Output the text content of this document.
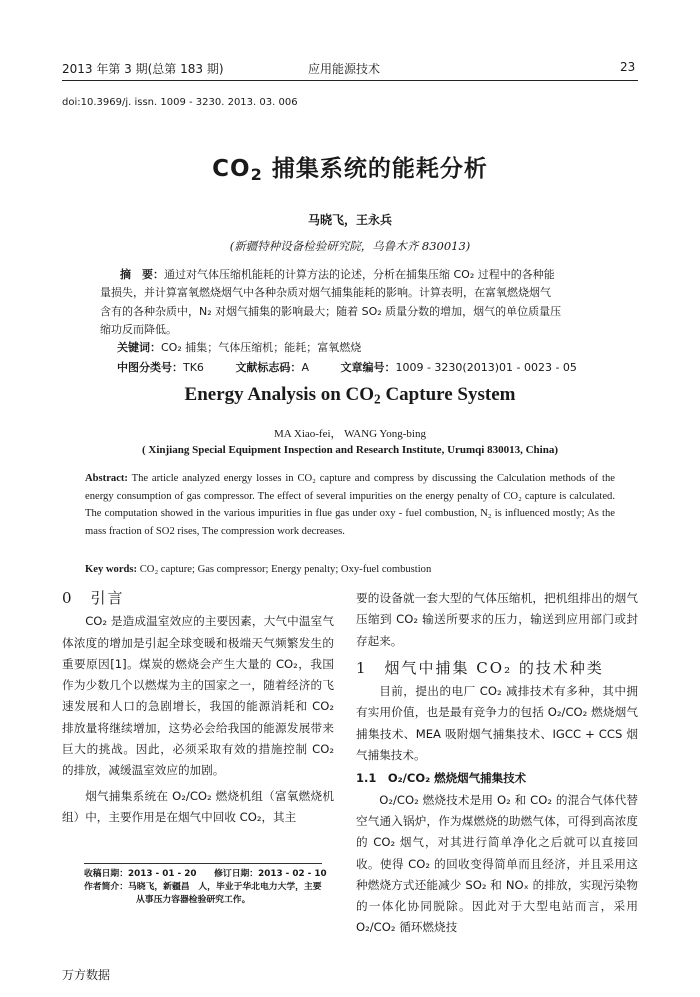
2013 年第 3 期(总第 183 期)	应用能源技术	23
doi:10.3969/j. issn. 1009 - 3230. 2013. 03. 006
$CO_2$ 捕集系统的能耗分析
马晓飞，王永兵
(新疆特种设备检验研究院，乌鲁木齐 830013)
摘　要：通过对气体压缩机能耗的计算方法的论述，分析在捕集压缩 CO₂ 过程中的各种能
量损失，并计算富氧燃烧烟气中各种杂质对烟气捕集能耗的影响。计算表明，在富氧燃烧烟气
含有的各种杂质中，N₂ 对烟气捕集的影响最大；随着 SO₂ 质量分数的增加，烟气的单位质量压
缩功反而降低。
关键词：CO₂ 捕集；气体压缩机；能耗；富氧燃烧
中图分类号：TK6	文献标志码：A	文章编号：1009 - 3230(2013)01 - 0023 - 05
Energy Analysis on $CO_2$ Capture System
MA Xiao-fei， WANG Yong-bing
( Xinjiang Special Equipment Inspection and Research Institute, Urumqi 830013, China)
Abstract: The article analyzed energy losses in CO₂ capture and compress by discussing the Calculation methods of the energy consumption of gas compressor. The effect of several impurities on the energy penalty of CO₂ capture is calculated. The computation showed in the various impurities in flue gas under oxy - fuel combustion, N₂ is influenced mostly; As the mass fraction of SO2 rises, The compression work decreases.
Key words: CO₂ capture; Gas compressor; Energy penalty; Oxy-fuel combustion
0　引言
CO₂ 是造成温室效应的主要因素，大气中温室气体浓度的增加是引起全球变暖和极端天气频繁发生的重要原因[1]。煤炭的燃烧会产生大量的 CO₂，我国作为少数几个以燃煤为主的国家之一，随着经济的飞速发展和人口的急剧增长，我国的能源消耗和 CO₂ 排放量将继续增加，这势必会给我国的能源发展带来巨大的挑战。因此，必须采取有效的措施控制 CO₂ 的排放，减缓温室效应的加剧。
烟气捕集系统在 O₂/CO₂ 燃烧机组（富氧燃烧机组）中，主要作用是在烟气中回收 CO₂，其主
收稿日期：2013 - 01 - 20　　修订日期：2013 - 02 - 10
作者简介：马晓飞，新疆昌　人，毕业于华北电力大学，主要
从事压力容器检验研究工作。
要的设备就一套大型的气体压缩机，把机组排出的烟气压缩到 CO₂ 输送所要求的压力，输送到应用部门或封存起来。
1　烟气中捕集 CO₂ 的技术种类
目前，提出的电厂 CO₂ 减排技术有多种，其中拥有实用价值，也是最有竞争力的包括 O₂/CO₂ 燃烧烟气捕集技术、MEA 吸附烟气捕集技术、IGCC + CCS 烟气捕集技术。
1.1　O₂/CO₂ 燃烧烟气捕集技术
O₂/CO₂ 燃烧技术是用 O₂ 和 CO₂ 的混合气体代替空气通入锅炉，作为煤燃烧的助燃气体，可得到高浓度的 CO₂ 烟气，对其进行简单净化之后就可以直接回收。使得 CO₂ 的回收变得简单而且经济，并且采用这种燃烧方式还能减少 SO₂ 和 NOₓ 的排放，实现污染物的一体化协同脱除。因此对于大型电站而言，采用 O₂/CO₂ 循环燃烧技
万方数据
